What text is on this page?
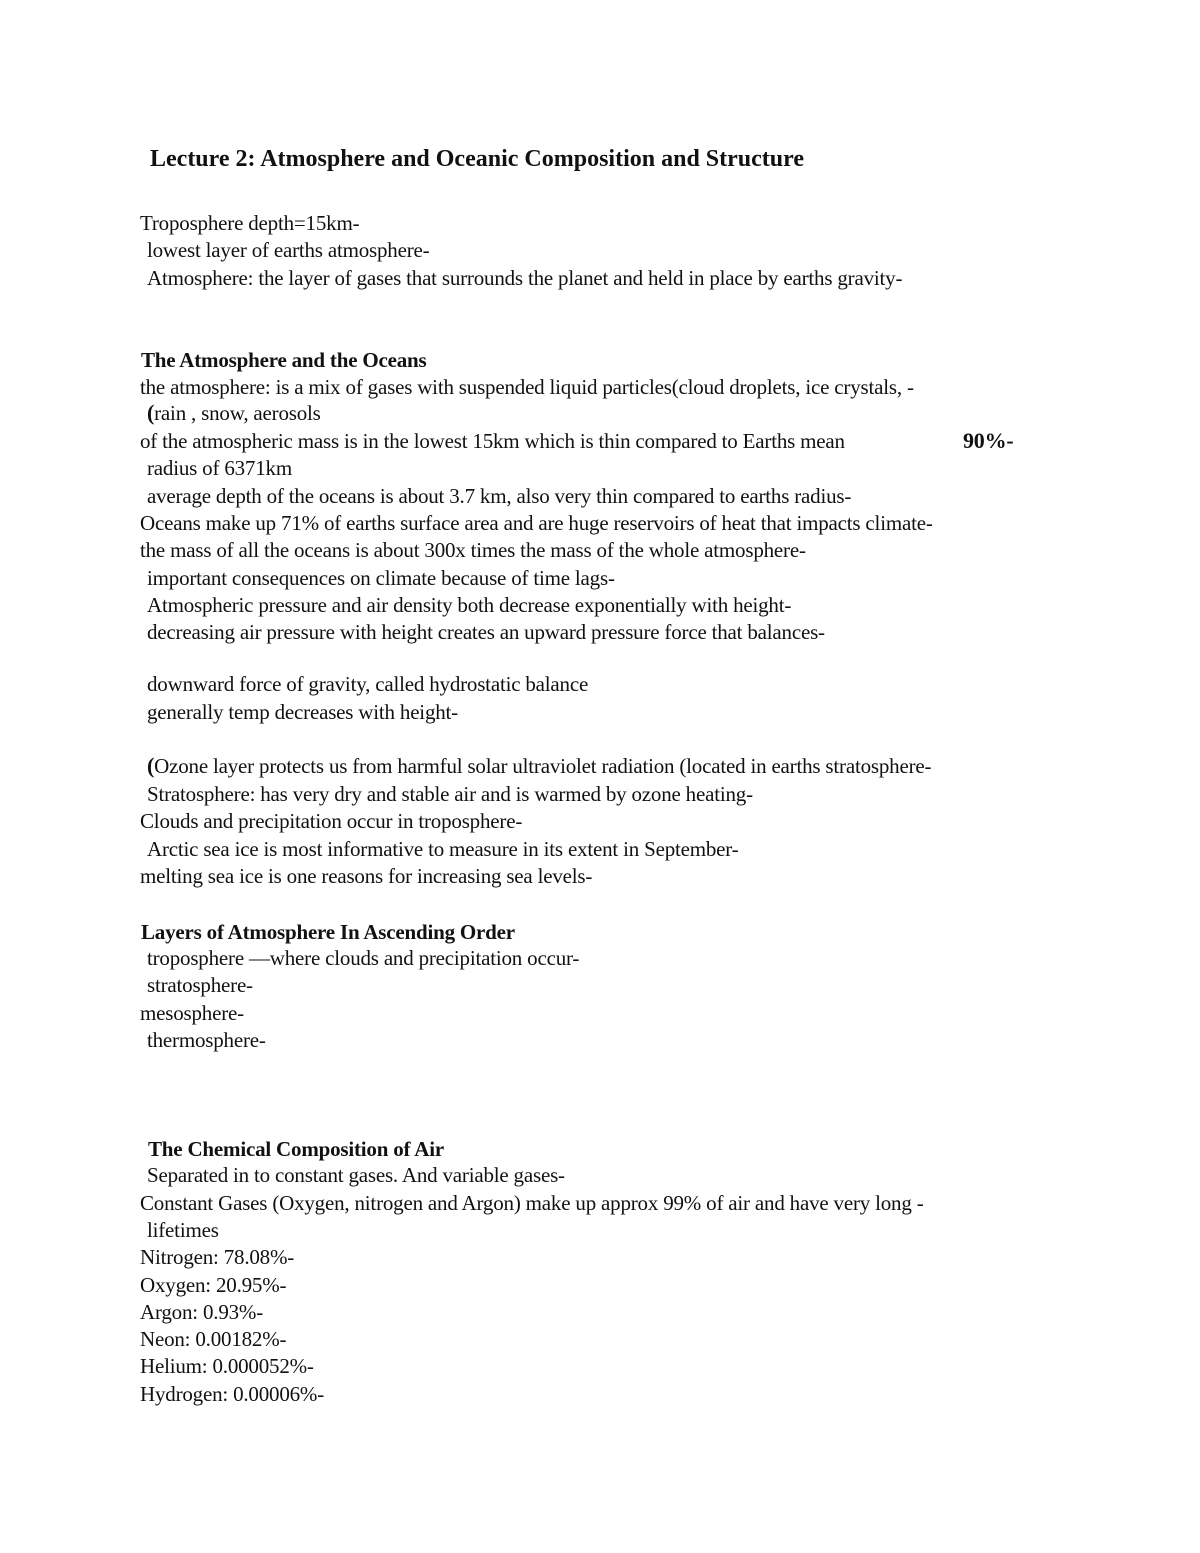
Lecture 2: Atmosphere and Oceanic Composition and Structure
Troposphere depth=15km-
lowest layer of earths atmosphere-
Atmosphere: the layer of gases that surrounds the planet and held in place by earths gravity-
The Atmosphere and the Oceans
the atmosphere: is a mix of gases with suspended liquid particles(cloud droplets, ice crystals, -
(rain , snow, aerosols
of the atmospheric mass is in the lowest 15km which is thin compared to Earths mean	90%-
radius of 6371km
average depth of the oceans is about 3.7 km, also very thin compared to earths radius-
Oceans make up 71% of earths surface area and are huge reservoirs of heat that impacts climate-
the mass of all the oceans is about 300x times the mass of the whole atmosphere-
important consequences on climate because of time lags-
Atmospheric pressure and air density both decrease exponentially with height-
decreasing air pressure with height creates an upward pressure force that balances-
downward force of gravity, called hydrostatic balance
generally temp decreases with height-
(Ozone layer protects us from harmful solar ultraviolet radiation (located in earths stratosphere-
Stratosphere: has very dry and stable air and is warmed by ozone heating-
Clouds and precipitation occur in troposphere-
Arctic sea ice is most informative to measure in its extent in September-
melting sea ice is one reasons for increasing sea levels-
Layers of Atmosphere In Ascending Order
troposphere —where clouds and precipitation occur-
stratosphere-
mesosphere-
thermosphere-
The Chemical Composition of Air
Separated in to constant gases. And variable gases-
Constant Gases (Oxygen, nitrogen and Argon) make up approx 99% of air and have very long -
lifetimes
Nitrogen: 78.08%-
Oxygen: 20.95%-
Argon: 0.93%-
Neon: 0.00182%-
Helium: 0.000052%-
Hydrogen: 0.00006%-
